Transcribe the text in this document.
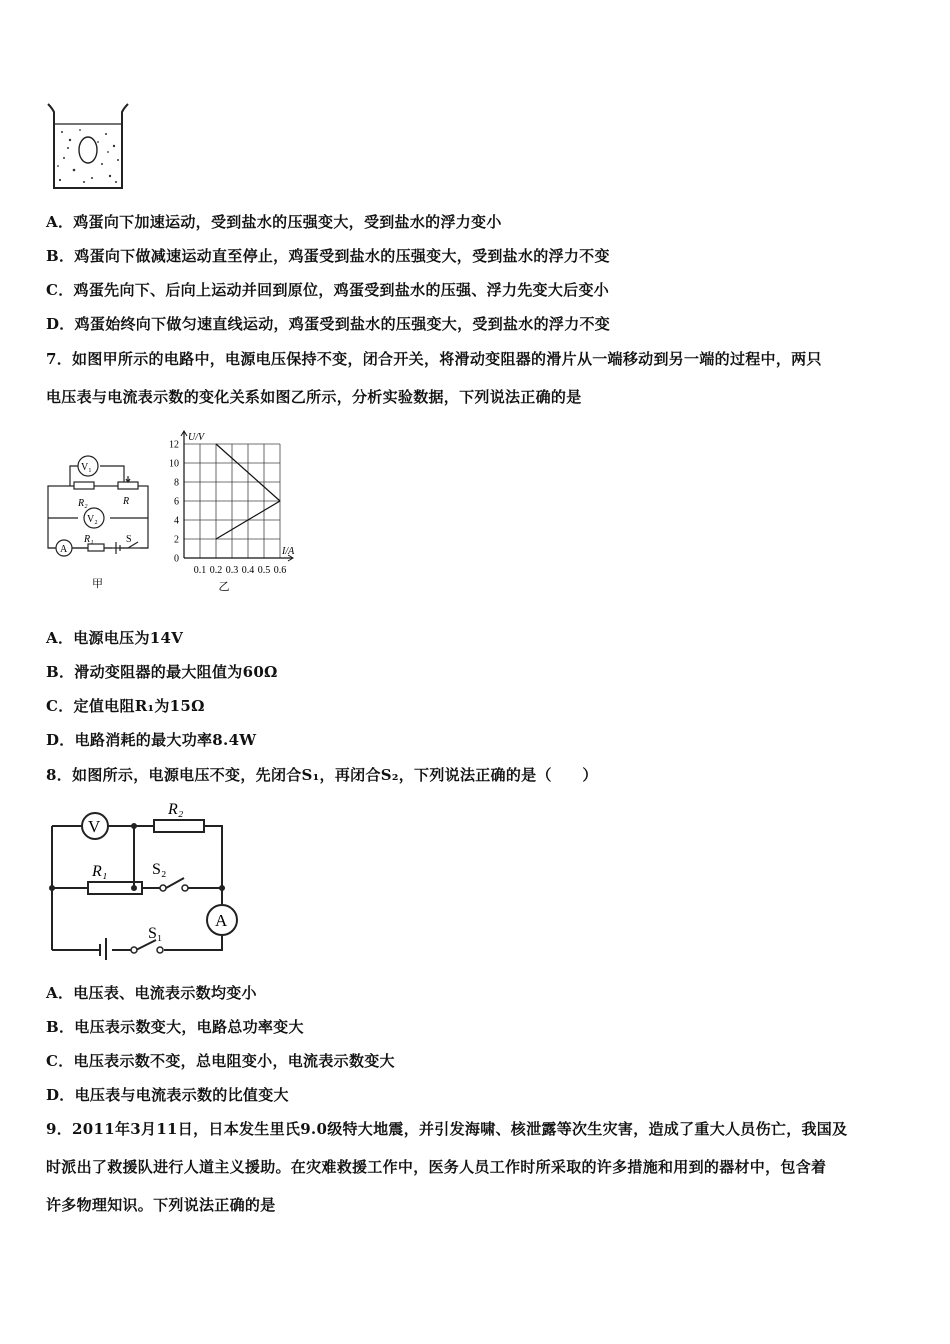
A．鸡蛋向下加速运动，受到盐水的压强变大，受到盐水的浮力变小
B．鸡蛋向下做减速运动直至停止，鸡蛋受到盐水的压强变大，受到盐水的浮力不变
C．鸡蛋先向下、后向上运动并回到原位，鸡蛋受到盐水的压强、浮力先变大后变小
D．鸡蛋始终向下做匀速直线运动，鸡蛋受到盐水的压强变大，受到盐水的浮力不变
7．如图甲所示的电路中，电源电压保持不变，闭合开关，将滑动变阻器的滑片从一端移动到另一端的过程中，两只
电压表与电流表示数的变化关系如图乙所示，分析实验数据，下列说法正确的是
V₁
V₂
R₂	R
R₁
A
S
甲
0
2
4
6
8
10
12
0.1 0.2 0.3 0.4 0.5 0.6
U/V
I/A
乙
A．电源电压为14V
B．滑动变阻器的最大阻值为60Ω
C．定值电阻R₁为15Ω
D．电路消耗的最大功率8.4W
8．如图所示，电源电压不变，先闭合S₁，再闭合S₂，下列说法正确的是（　　）
V
A
R₂
R₁	S₂
S₁
A．电压表、电流表示数均变小
B．电压表示数变大，电路总功率变大
C．电压表示数不变，总电阻变小，电流表示数变大
D．电压表与电流表示数的比值变大
9．2011年3月11日，日本发生里氏9.0级特大地震，并引发海啸、核泄露等次生灾害，造成了重大人员伤亡，我国及
时派出了救援队进行人道主义援助。在灾难救援工作中，医务人员工作时所采取的许多措施和用到的器材中，包含着
许多物理知识。下列说法正确的是
